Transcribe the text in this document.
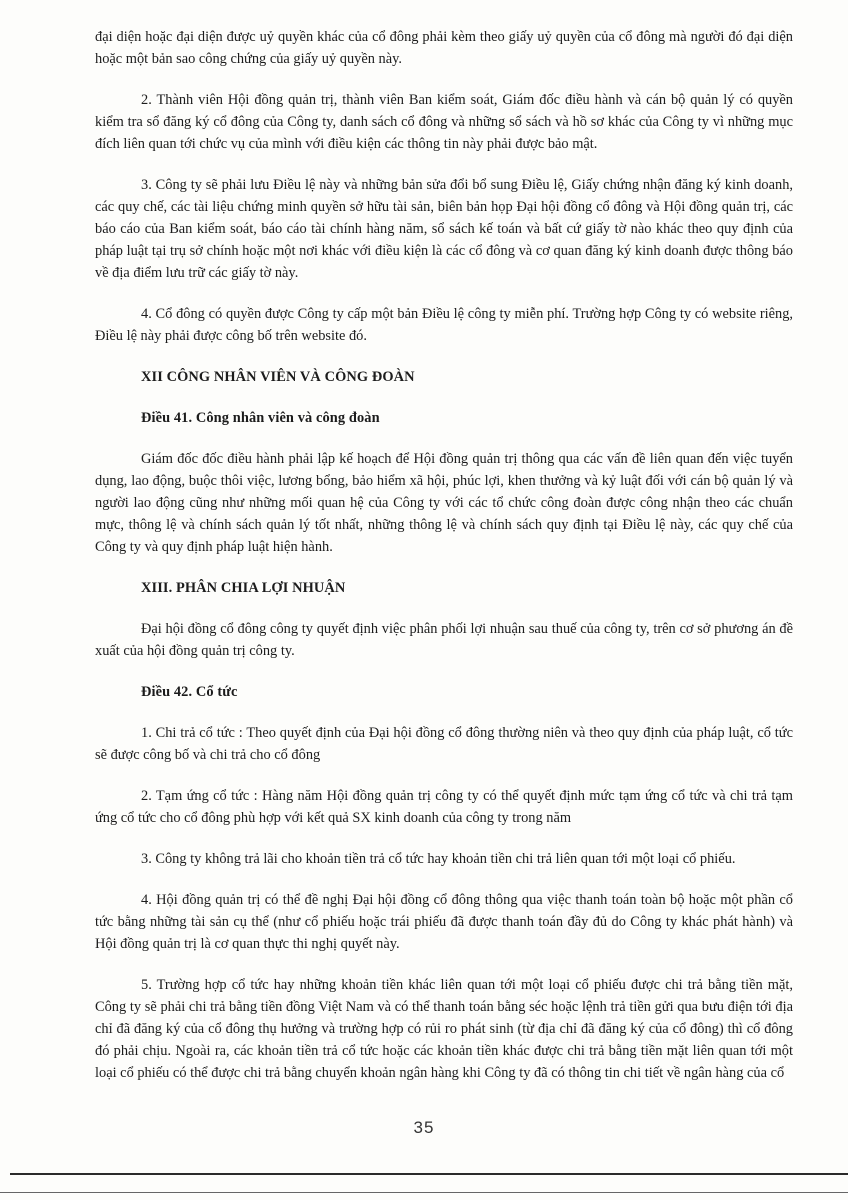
đại diện hoặc đại diện được uỷ quyền khác của cổ đông phải kèm theo giấy uỷ quyền của cổ đông mà người đó đại diện hoặc một bản sao công chứng của giấy uỷ quyền này.

2. Thành viên Hội đồng quản trị, thành viên Ban kiểm soát, Giám đốc điều hành và cán bộ quản lý có quyền kiểm tra sổ đăng ký cổ đông của Công ty, danh sách cổ đông và những sổ sách và hồ sơ khác của Công ty vì những mục đích liên quan tới chức vụ của mình với điều kiện các thông tin này phải được bảo mật.

3. Công ty sẽ phải lưu Điều lệ này và những bản sửa đổi bổ sung Điều lệ, Giấy chứng nhận đăng ký kinh doanh, các quy chế, các tài liệu chứng minh quyền sở hữu tài sản, biên bản họp Đại hội đồng cổ đông và Hội đồng quản trị, các báo cáo của Ban kiểm soát, báo cáo tài chính hàng năm, sổ sách kế toán và bất cứ giấy tờ nào khác theo quy định của pháp luật tại trụ sở chính hoặc một nơi khác với điều kiện là các cổ đông và cơ quan đăng ký kinh doanh được thông báo về địa điểm lưu trữ các giấy tờ này.

4. Cổ đông có quyền được Công ty cấp một bản Điều lệ công ty miễn phí. Trường hợp Công ty có website riêng, Điều lệ này phải được công bố trên website đó.

XII CÔNG NHÂN VIÊN VÀ CÔNG ĐOÀN

Điều 41. Công nhân viên và công đoàn

Giám đốc đốc điều hành phải lập kế hoạch để Hội đồng quản trị thông qua các vấn đề liên quan đến việc tuyển dụng, lao động, buộc thôi việc, lương bổng, bảo hiểm xã hội, phúc lợi, khen thưởng và kỷ luật đối với cán bộ quản lý và người lao động cũng như những mối quan hệ của Công ty với các tổ chức công đoàn được công nhận theo các chuẩn mực, thông lệ và chính sách quản lý tốt nhất, những thông lệ và chính sách quy định tại Điều lệ này, các quy chế của Công ty và quy định pháp luật hiện hành.

XIII. PHÂN CHIA LỢI NHUẬN

Đại hội đồng cổ đông công ty quyết định việc phân phối lợi nhuận sau thuế của công ty, trên cơ sở phương án đề xuất của hội đồng quản trị công ty.

Điều 42. Cổ tức

1. Chi trả cổ tức : Theo quyết định của Đại hội đồng cổ đông thường niên và theo quy định của pháp luật, cổ tức sẽ được công bố và chi trả cho cổ đông

2. Tạm ứng cổ tức : Hàng năm Hội đồng quản trị công ty có thể quyết định mức tạm ứng cổ tức và chi trả tạm ứng cổ tức cho cổ đông phù hợp với kết quả SX kinh doanh của công ty trong năm

3. Công ty không trả lãi cho khoản tiền trả cổ tức hay khoản tiền chi trả liên quan tới một loại cổ phiếu.

4. Hội đồng quản trị có thể đề nghị Đại hội đồng cổ đông thông qua việc thanh toán toàn bộ hoặc một phần cổ tức bằng những tài sản cụ thể (như cổ phiếu hoặc trái phiếu đã được thanh toán đầy đủ do Công ty khác phát hành) và Hội đồng quản trị là cơ quan thực thi nghị quyết này.

5. Trường hợp cổ tức hay những khoản tiền khác liên quan tới một loại cổ phiếu được chi trả bằng tiền mặt, Công ty sẽ phải chi trả bằng tiền đồng Việt Nam và có thể thanh toán bằng séc hoặc lệnh trả tiền gửi qua bưu điện tới địa chỉ đã đăng ký của cổ đông thụ hưởng và trường hợp có rủi ro phát sinh (từ địa chỉ đã đăng ký của cổ đông) thì cổ đông đó phải chịu. Ngoài ra, các khoản tiền trả cổ tức hoặc các khoản tiền khác được chi trả bằng tiền mặt liên quan tới một loại cổ phiếu có thể được chi trả bằng chuyển khoản ngân hàng khi Công ty đã có thông tin chi tiết về ngân hàng của cổ

35
